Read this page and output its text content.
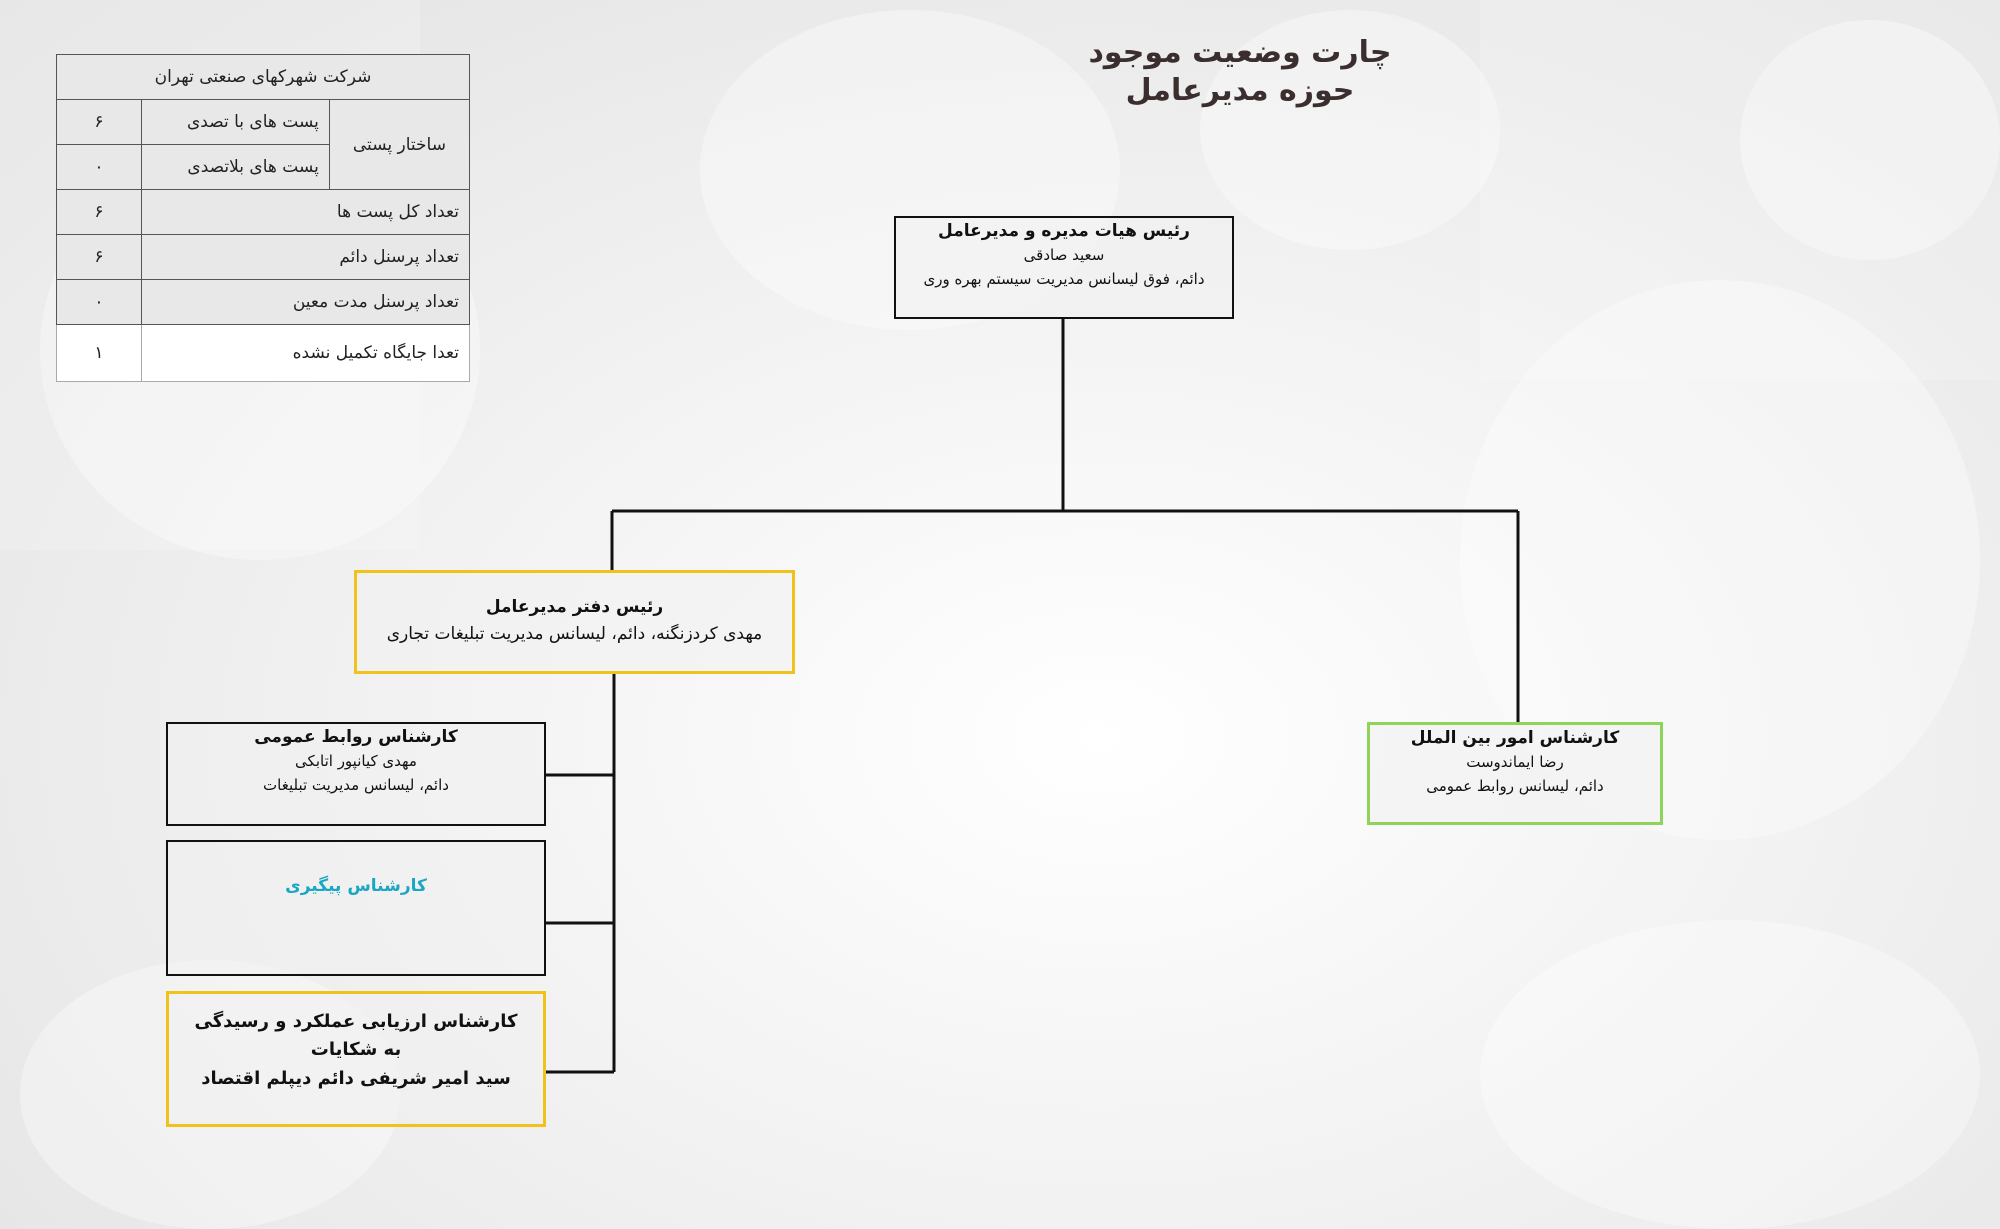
چارت وضعیت موجود
حوزه مدیرعامل
شرکت شهرکهای صنعتی تهران		
ساختار پستی	پست های با تصدی	۶
	پست های بلاتصدی	۰
تعداد کل پست ها		۶
تعداد پرسنل دائم		۶
تعداد پرسنل مدت معین		۰
تعدا جایگاه تکمیل نشده		۱
رئیس هیات مدیره و مدیرعامل
سعید صادقی
دائم، فوق لیسانس مدیریت سیستم بهره وری
رئیس دفتر مدیرعامل
مهدی کردزنگنه، دائم، لیسانس مدیریت تبلیغات تجاری
کارشناس روابط عمومی
مهدی کیانپور اتابکی
دائم، لیسانس مدیریت تبلیغات
کارشناس پیگیری
کارشناس ارزیابی عملکرد و رسیدگی به شکایات
سید امیر شریفی دائم دیپلم اقتصاد
کارشناس امور بین الملل
رضا ایماندوست
دائم، لیسانس روابط عمومی
